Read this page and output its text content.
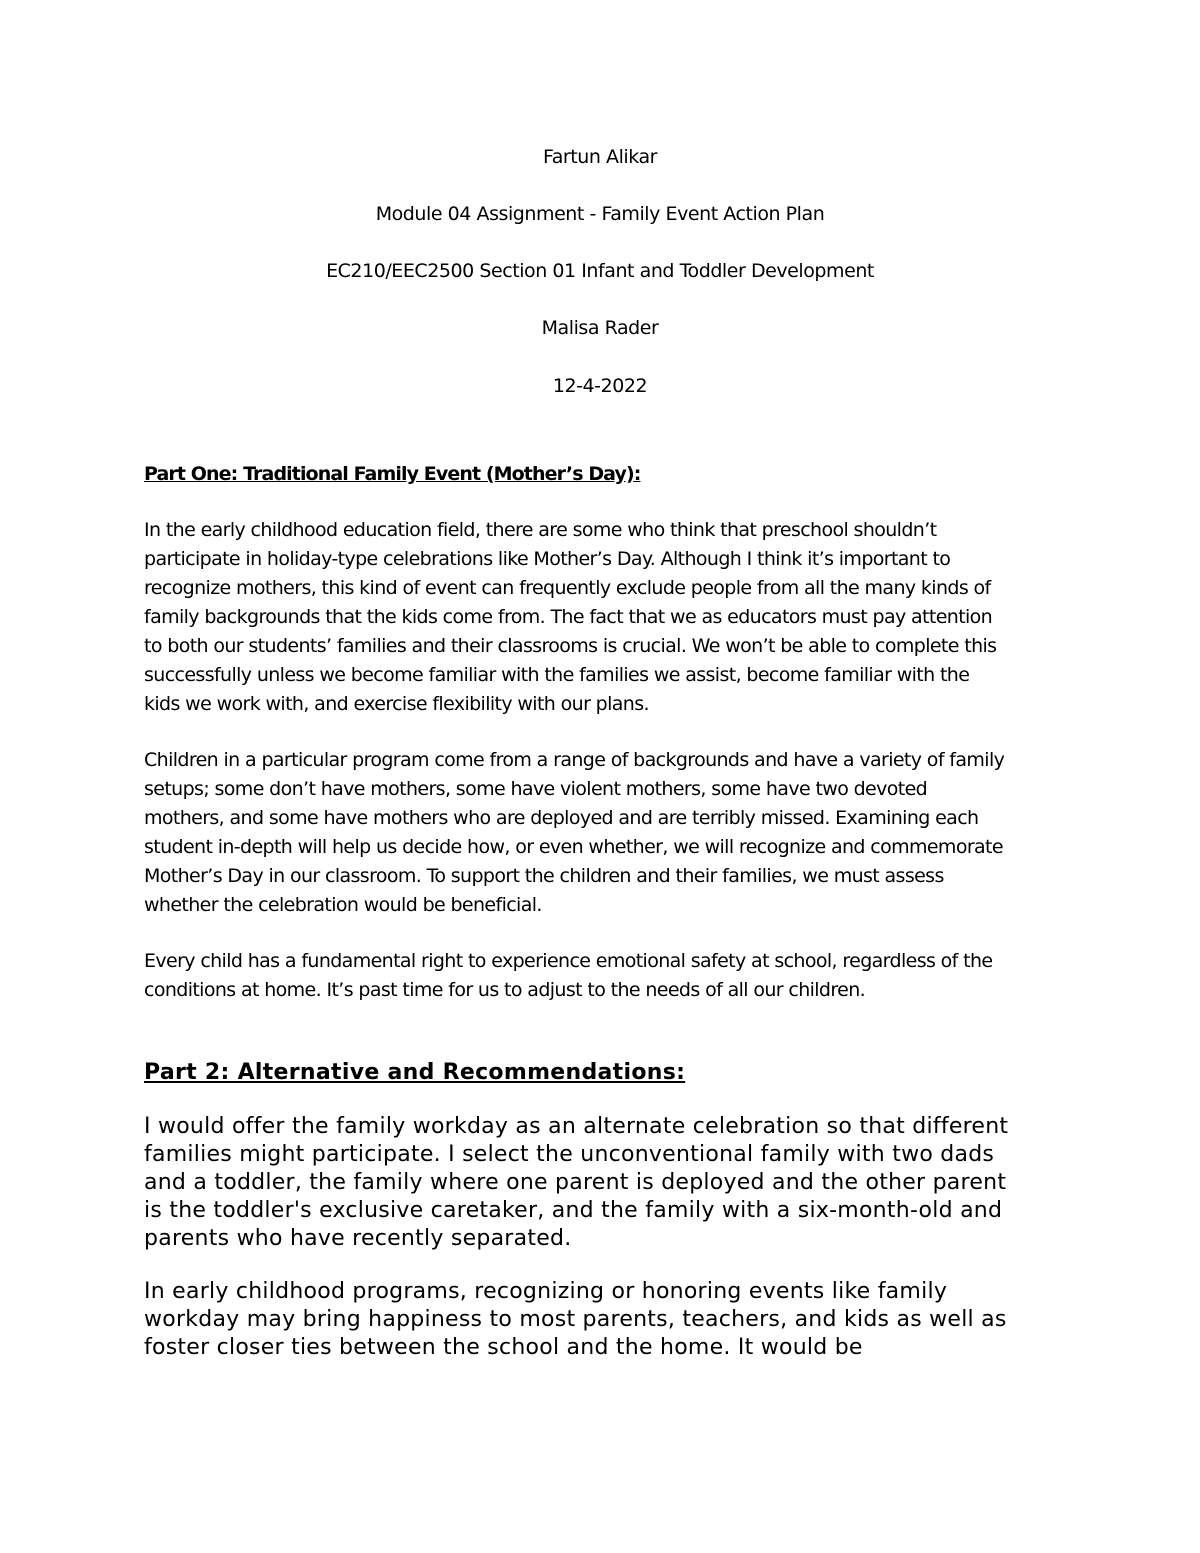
Fartun Alikar
Module 04 Assignment - Family Event Action Plan
EC210/EEC2500 Section 01 Infant and Toddler Development
Malisa Rader
12-4-2022
Part One: Traditional Family Event (Mother’s Day):
In the early childhood education field, there are some who think that preschool shouldn’t
participate in holiday-type celebrations like Mother’s Day. Although I think it’s important to
recognize mothers, this kind of event can frequently exclude people from all the many kinds of
family backgrounds that the kids come from. The fact that we as educators must pay attention
to both our students’ families and their classrooms is crucial. We won’t be able to complete this
successfully unless we become familiar with the families we assist, become familiar with the
kids we work with, and exercise flexibility with our plans.
Children in a particular program come from a range of backgrounds and have a variety of family
setups; some don’t have mothers, some have violent mothers, some have two devoted
mothers, and some have mothers who are deployed and are terribly missed. Examining each
student in-depth will help us decide how, or even whether, we will recognize and commemorate
Mother’s Day in our classroom. To support the children and their families, we must assess
whether the celebration would be beneficial.
Every child has a fundamental right to experience emotional safety at school, regardless of the
conditions at home. It’s past time for us to adjust to the needs of all our children.
Part 2: Alternative and Recommendations:
I would offer the family workday as an alternate celebration so that different
families might participate. I select the unconventional family with two dads
and a toddler, the family where one parent is deployed and the other parent
is the toddler's exclusive caretaker, and the family with a six-month-old and
parents who have recently separated.
In early childhood programs, recognizing or honoring events like family
workday may bring happiness to most parents, teachers, and kids as well as
foster closer ties between the school and the home. It would be
